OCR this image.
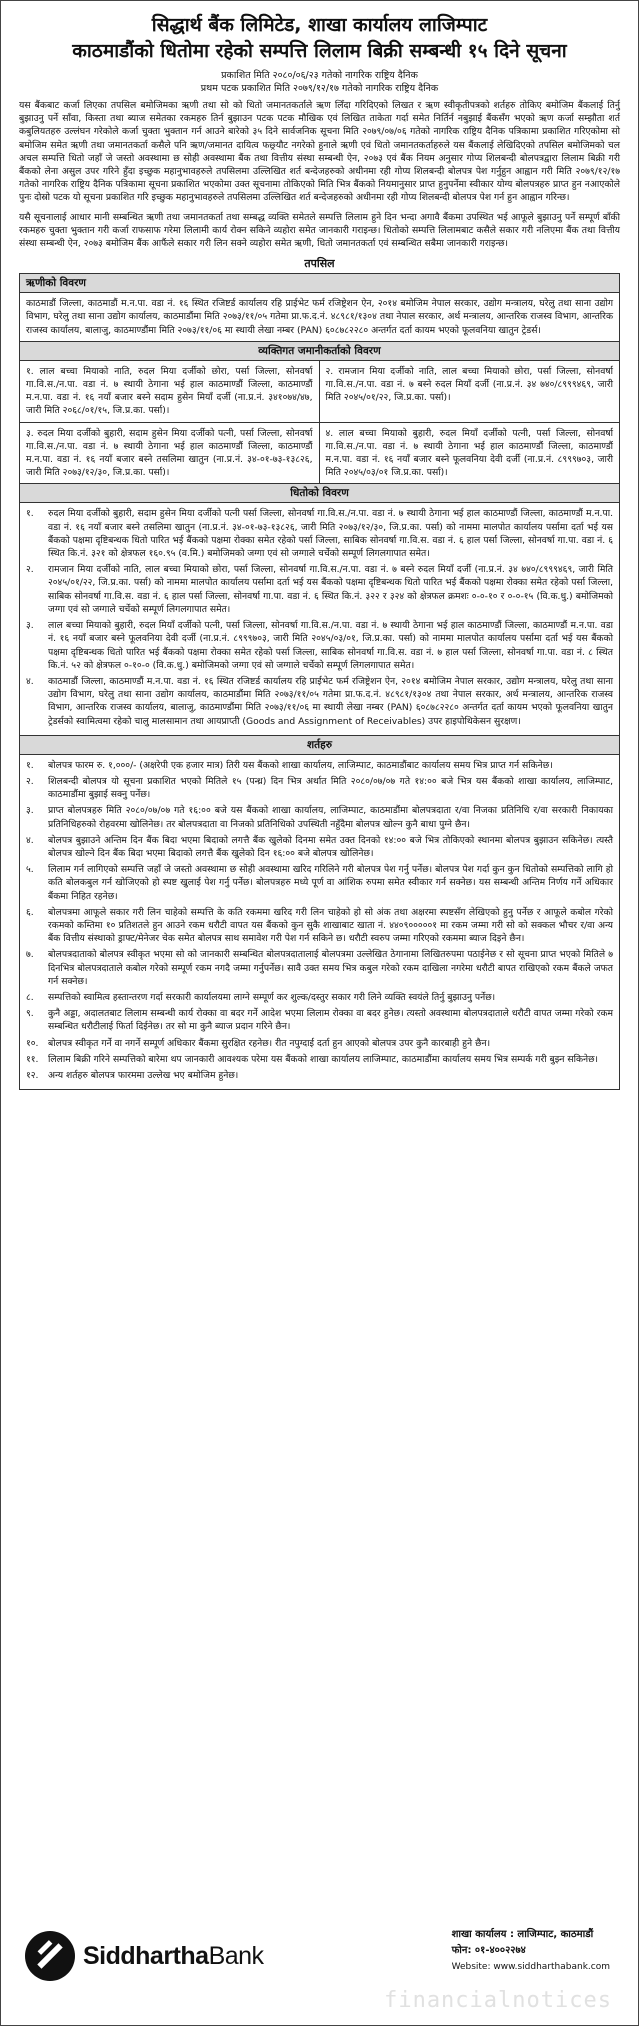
सिद्धार्थ बैंक लिमिटेड, शाखा कार्यालय लाजिम्पाट
काठमाडौंको धितोमा रहेको सम्पत्ति लिलाम बिक्री सम्बन्धी १५ दिने सूचना
प्रकाशित मिति २०८०/०६/२३ गतेको नागरिक राष्ट्रिय दैनिक
प्रथम पटक प्रकाशित मिति २०७९/१२/१७ गतेको नागरिक राष्ट्रिय दैनिक
यस बैंकबाट कर्जा लिएका तपसिल बमोजिमका ऋणी तथा सो को धितो जमानतकर्ताले ऋण लिँदा गरिदिएको लिखत र ऋण स्वीकृतीपत्रको शर्तहरु तोकिए बमोजिम बैंकलाई तिर्नु बुझाउनु पर्ने साँवा, किस्ता तथा ब्याज समेतका रकमहरु तिर्न बुझाउन पटक पटक मौखिक एवं लिखित ताकेता गर्दा समेत निर्तिर्न नबुझाई बैंकसँग भएको ऋण कर्जा सम्झौता शर्त कबुलियतहरु उल्लंघन गरेकोले कर्जा चुक्ता भुक्तान गर्न आउने बारेको ३५ दिने सार्वजनिक सूचना मिति २०७९/०७/०६ गतेको नागरिक राष्ट्रिय दैनिक पत्रिकामा प्रकाशित गरिएकोमा सो बमोजिम समेत ऋणी तथा जमानतकर्ता कसैले पनि ऋण/जमानत दायित्व फछ्र्यौट नगरेको हुनाले ऋणी एवं धितो जमानतकर्ताहरुले यस बैंकलाई लेखिदिएको तपसिल बमोजिमको चल अचल सम्पत्ति धितो जहाँ जे जस्तो अवस्थामा छ सोही अवस्थामा बैंक तथा वित्तीय संस्था सम्बन्धी ऐन, २०७३ एवं बैंक नियम अनुसार गोप्य शिलबन्दी बोलपत्रद्वारा लिलाम बिक्री गरी बैंकको लेना असुल उपर गरिने हुँदा इच्छुक महानुभावहरुले तपसिलमा उल्लिखित शर्त बन्देजहरुको अधीनमा रही गोप्य शिलबन्दी बोलपत्र पेश गर्नुहुन आह्वान गरी मिति २०७९/१२/१७ गतेको नागरिक राष्ट्रिय दैनिक पत्रिकामा सूचना प्रकाशित भएकोमा उक्त सूचनामा तोकिएको मिति भित्र बैंकको नियमानुसार प्राप्त हुनुपर्नेमा स्वीकार योग्य बोलपत्रहरु प्राप्त हुन नआएकोले पुनः दोस्रो पटक यो सूचना प्रकाशित गरि इच्छुक महानुभावहरुले तपसिलमा उल्लिखित शर्त बन्देजहरुको अधीनमा रही गोप्य शिलबन्दी बोलपत्र पेश गर्न हुन आह्वान गरिन्छ।
यसै सूचनालाई आधार मानी सम्बन्धित ऋणी तथा जमानतकर्ता तथा सम्बद्ध व्यक्ति समेतले सम्पत्ति लिलाम हुने दिन भन्दा अगावै बैंकमा उपस्थित भई आफूले बुझाउनु पर्ने सम्पूर्ण बाँकी रकमहरु चुक्ता भुक्तान गरी कर्जा राफसाफ गरेमा लिलामी कार्य रोक्न सकिने व्यहोरा समेत जानकारी गराइन्छ। धितोको सम्पत्ति लिलामबाट कसैले सकार गरी नलिएमा बैंक तथा वित्तीय संस्था सम्बन्धी ऐन, २०७३ बमोजिम बैंक आफैंले सकार गरी लिन सक्ने व्यहोरा समेत ऋणी, धितो जमानतकर्ता एवं सम्बन्धित सबैमा जानकारी गराइन्छ।
तपसिल
ऋणीको विवरण
काठमाडौं जिल्ला, काठमाडौं म.न.पा. वडा नं. १६ स्थित रजिष्टर्ड कार्यालय रहि प्राईभेट फर्म रजिष्ट्रेशन ऐन, २०१४ बमोजिम नेपाल सरकार, उद्योग मन्त्रालय, घरेलु तथा साना उद्योग विभाग, घरेलु तथा साना उद्योग कार्यालय, काठमाडौंमा मिति २०७३/११/०५ गतेमा प्रा.फ.द.नं. ४८९८१/१३०४ तथा नेपाल सरकार, अर्थ मन्त्रालय, आन्तरिक राजस्व विभाग, आन्तरिक राजस्व कार्यालय, बालाजु, काठमाण्डौंमा मिति २०७३/११/०६ मा स्थायी लेखा नम्बर (PAN) ६०८७८२२८० अन्तर्गत दर्ता कायम भएको फूलवनिया खातुन ट्रेडर्स।
व्यक्तिगत जमानीकर्ताको विवरण
१. लाल बच्चा मियाको नाति, रुदल मिया दर्जीको छोरा, पर्सा जिल्ला, सोनवर्षा गा.वि.स./न.पा. वडा नं. ७ स्थायी ठेगाना भई हाल काठमाण्डौं जिल्ला, काठमाण्डौं म.न.पा. वडा नं. १६ नयाँ बजार बस्ने सदाम हुसेन मियाँ दर्जी (ना.प्र.नं. ३४१०७४/४७, जारी मिति २०६८/०१/१५, जि.प्र.का. पर्सा)।
२. रामजान मिया दर्जीको नाति, लाल बच्चा मियाको छोरा, पर्सा जिल्ला, सोनवर्षा गा.वि.स./न.पा. वडा नं. ७ बस्ने रुदल मियाँ दर्जी (ना.प्र.नं. ३४ ७४०/८९९९४६९, जारी मिति २०४५/०१/२२, जि.प्र.का. पर्सा)।
३. रुदल मिया दर्जीको बुहारी, सदाम हुसेन मिया दर्जीको पत्नी, पर्सा जिल्ला, सोनवर्षा गा.वि.स./न.पा. वडा नं. ७ स्थायी ठेगाना भई हाल काठमाण्डौं जिल्ला, काठमाण्डौं म.न.पा. वडा नं. १६ नयाँ बजार बस्ने तसलिमा खातुन (ना.प्र.नं. ३४-०१-७३-१३८२६, जारी मिति २०७३/१२/३०, जि.प्र.का. पर्सा)।
४. लाल बच्चा मियाको बुहारी, रुदल मियाँ दर्जीको पत्नी, पर्सा जिल्ला, सोनवर्षा गा.वि.स./न.पा. वडा नं. ७ स्थायी ठेगाना भई हाल काठमाण्डौं जिल्ला, काठमाण्डौं म.न.पा. वडा नं. १६ नयाँ बजार बस्ने फूलवनिया देवी दर्जी (ना.प्र.नं. ८९९९७०३, जारी मिति २०४५/०३/०१ जि.प्र.का. पर्सा)।
धितोको विवरण
१.	रुदल मिया दर्जीको बुहारी, सदाम हुसेन मिया दर्जीको पत्नी पर्सा जिल्ला, सोनवर्षा गा.वि.स./न.पा. वडा नं. ७ स्थायी ठेगाना भई हाल काठमाण्डौं जिल्ला, काठमाण्डौं म.न.पा. वडा नं. १६ नयाँ बजार बस्ने तसलिमा खातुन (ना.प्र.नं. ३४-०१-७३-१३८२६, जारी मिति २०७३/१२/३०, जि.प्र.का. पर्सा) को नाममा मालपोत कार्यालय पर्सामा दर्ता भई यस बैंकको पक्षमा दृष्टिबन्धक धितो पारित भई बैंकको पक्षमा रोक्का समेत रहेको पर्सा जिल्ला, साबिक सोनवर्षा गा.वि.स. वडा नं. ६ हाल पर्सा जिल्ला, सोनवर्षा गा.पा. वडा नं. ६ स्थित कि.नं. ३२१ को क्षेत्रफल १६०.९५ (व.मि.) बमोजिमको जग्गा एवं सो जग्गाले चर्चेको सम्पूर्ण लिगलगापात समेत।
२.	रामजान मिया दर्जीको नाति, लाल बच्चा मियाको छोरा, पर्सा जिल्ला, सोनवर्षा गा.वि.स./न.पा. वडा नं. ७ बस्ने रुदल मियाँ दर्जी (ना.प्र.नं. ३४ ७४०/८९९९४६९, जारी मिति २०४५/०१/२२, जि.प्र.का. पर्सा) को नाममा मालपोत कार्यालय पर्सामा दर्ता भई यस बैंकको पक्षमा दृष्टिबन्धक धितो पारित भई बैंकको पक्षमा रोक्का समेत रहेको पर्सा जिल्ला, साबिक सोनवर्षा गा.वि.स. वडा नं. ६ हाल पर्सा जिल्ला, सोनवर्षा गा.पा. वडा नं. ६ स्थित कि.नं. ३२२ र ३२४ को क्षेत्रफल क्रमशः ०-०-१० र ०-०-१५ (वि.क.धु.) बमोजिमको जग्गा एवं सो जग्गाले चर्चेको सम्पूर्ण लिगलगापात समेत।
३.	लाल बच्चा मियाको बुहारी, रुदल मियाँ दर्जीको पत्नी, पर्सा जिल्ला, सोनवर्षा गा.वि.स./न.पा. वडा नं. ७ स्थायी ठेगाना भई हाल काठमाण्डौं जिल्ला, काठमाण्डौं म.न.पा. वडा नं. १६ नयाँ बजार बस्ने फूलवनिया देवी दर्जी (ना.प्र.नं. ८९९९७०३, जारी मिति २०४५/०३/०१, जि.प्र.का. पर्सा) को नाममा मालपोत कार्यालय पर्सामा दर्ता भई यस बैंकको पक्षमा दृष्टिबन्धक धितो पारित भई बैंकको पक्षमा रोक्का समेत रहेको पर्सा जिल्ला, साबिक सोनवर्षा गा.वि.स. वडा नं. ७ हाल पर्सा जिल्ला, सोनवर्षा गा.पा. वडा नं. ८ स्थित कि.नं. ५२ को क्षेत्रफल ०-१०-० (वि.क.धु.) बमोजिमको जग्गा एवं सो जग्गाले चर्चेको सम्पूर्ण लिगलगापात समेत।
४.	काठमाडौं जिल्ला, काठमाण्डौं म.न.पा. वडा नं. १६ स्थित रजिष्टर्ड कार्यालय रहि प्राईभेट फर्म रजिष्ट्रेशन ऐन, २०१४ बमोजिम नेपाल सरकार, उद्योग मन्त्रालय, घरेलु तथा साना उद्योग विभाग, घरेलु तथा साना उद्योग कार्यालय, काठमाडौंमा मिति २०७३/११/०५ गतेमा प्रा.फ.द.नं. ४८९८१/१३०४ तथा नेपाल सरकार, अर्थ मन्त्रालय, आन्तरिक राजस्व विभाग, आन्तरिक राजस्व कार्यालय, बालाजु, काठमाण्डौंमा मिति २०७३/११/०६ मा स्थायी लेखा नम्बर (PAN) ६०८७८२२८० अन्तर्गत दर्ता कायम भएको फूलवनिया खातुन ट्रेडर्सको स्वामित्वमा रहेको चालु मालसामान तथा आयप्राप्ती (Goods and Assignment of Receivables) उपर हाइपोथिकेसन सुरक्षण।
शर्तहरु
१.	बोलपत्र फारम रु. १,०००/- (अक्षरेपी एक हजार मात्र) तिरी यस बैंकको शाखा कार्यालय, लाजिम्पाट, काठमाडौंबाट कार्यालय समय भित्र प्राप्त गर्न सकिनेछ।
२.	शिलबन्दी बोलपत्र यो सूचना प्रकाशित भएको मितिले १५ (पन्ध्र) दिन भित्र अर्थात मिति २०८०/०७/०७ गते १४:०० बजे भित्र यस बैंकको शाखा कार्यालय, लाजिम्पाट, काठमाडौंमा बुझाई सक्नु पर्नेछ।
३.	प्राप्त बोलपत्रहरु मिति २०८०/०७/०७ गते १६:०० बजे यस बैंकको शाखा कार्यालय, लाजिम्पाट, काठमाडौंमा बोलपत्रदाता र/वा निजका प्रतिनिधि र/वा सरकारी निकायका प्रतिनिधिहरुको रोहवरमा खोलिनेछ। तर बोलपत्रदाता वा निजको प्रतिनिधिको उपस्थिती नहुँदैमा बोलपत्र खोल्न कुनै बाधा पुग्ने छैन।
४.	बोलपत्र बुझाउने अन्तिम दिन बैंक बिदा भएमा बिदाको लगत्तै बैंक खुलेको दिनमा समेत उक्त दिनको १४:०० बजे भित्र तोकिएको स्थानमा बोलपत्र बुझाउन सकिनेछ। त्यस्तै बोलपत्र खोल्ने दिन बैंक बिदा भएमा बिदाको लगत्तै बैंक खुलेको दिन १६:०० बजे बोलपत्र खोलिनेछ।
५.	लिलाम गर्न लागिएको सम्पत्ति जहाँ जे जस्तो अवस्थामा छ सोही अवस्थामा खरिद गरिलिने गरी बोलपत्र पेश गर्नु पर्नेछ। बोलपत्र पेश गर्दा कुन कुन धितोको सम्पत्तिको लागि हो कति बोलकबुल गर्न खोजिएको हो स्पष्ट खुलाई पेश गर्नु पर्नेछ। बोलपत्रहरु मध्ये पूर्ण वा आंशिक रुपमा समेत स्वीकार गर्न सक्नेछ। यस सम्बन्धी अन्तिम निर्णय गर्ने अधिकार बैंकमा निहित रहनेछ।
६.	बोलपत्रमा आफूले सकार गरी लिन चाहेको सम्पत्ति के कति रकममा खरिद गरी लिन चाहेको हो सो अंक तथा अक्षरमा स्पष्टसँग लेखिएको हुनु पर्नेछ र आफूले कबोल गरेको रकमको कम्तिमा १० प्रतिशतले हुन आउने रकम धरौटी वापत यस बैंकको कुन सुकै शाखाबाट खाता नं. ४४०९०००००१ मा रकम जम्मा गरी सो को सक्कल भौचर र/वा अन्य बैंक वित्तीय संस्थाको ड्राफ्ट/मेनेजर चेक समेत बोलपत्र साथ समावेश गरी पेश गर्न सकिने छ। धरौटी स्वरुप जम्मा गरिएको रकममा ब्याज दिइने छैन।
७.	बोलपत्रदाताको बोलपत्र स्वीकृत भएमा सो को जानकारी सम्बन्धित बोलपत्रदातालाई बोलपत्रमा उल्लेखित ठेगानामा लिखितरुपमा पठाईनेछ र सो सूचना प्राप्त भएको मितिले ७ दिनभित्र बोलपत्रदाताले कबोल गरेको सम्पूर्ण रकम नगदै जम्मा गर्नुपर्नेछ। सावै उक्त समय भित्र कबुल गरेको रकम दाखिला नगरेमा धरौटी बापत राखिएको रकम बैंकले जफत गर्न सक्नेछ।
८.	सम्पत्तिको स्वामित्व हस्तान्तरण गर्दा सरकारी कार्यालयमा लाग्ने सम्पूर्ण कर शुल्क/दस्तुर सकार गरी लिने व्यक्ति स्वयंले तिर्नु बुझाउनु पर्नेछ।
९.	कुनै अड्डा, अदालतबाट लिलाम सम्बन्धी कार्य रोक्का वा बदर गर्ने आदेश भएमा लिलाम रोक्का वा बदर हुनेछ। त्यस्तो अवस्थामा बोलपत्रदाताले धरौटी वापत जम्मा गरेको रकम सम्बन्धित धरौटीलाई फिर्ता दिईनेछ। तर सो मा कुनै ब्याज प्रदान गरिने छैन।
१०.	बोलपत्र स्वीकृत गर्ने वा नगर्ने सम्पूर्ण अधिकार बैंकमा सुरक्षित रहनेछ। रीत नपुग्दाई दर्ता हुन आएको बोलपत्र उपर कुनै कारबाही हुने छैन।
११.	लिलाम बिक्री गरिने सम्पत्तिको बारेमा थप जानकारी आवश्यक परेमा यस बैंकको शाखा कार्यालय लाजिम्पाट, काठमाडौंमा कार्यालय समय भित्र सम्पर्क गरी बुझ्न सकिनेछ।
१२.	अन्य शर्तहरु बोलपत्र फारममा उल्लेख भए बमोजिम हुनेछ।
SiddharthaBank
शाखा कार्यालय : लाजिम्पाट, काठमाडौं
फोन: ०१-४००२२७४
Website: www.siddharthabank.com
financialnotices
